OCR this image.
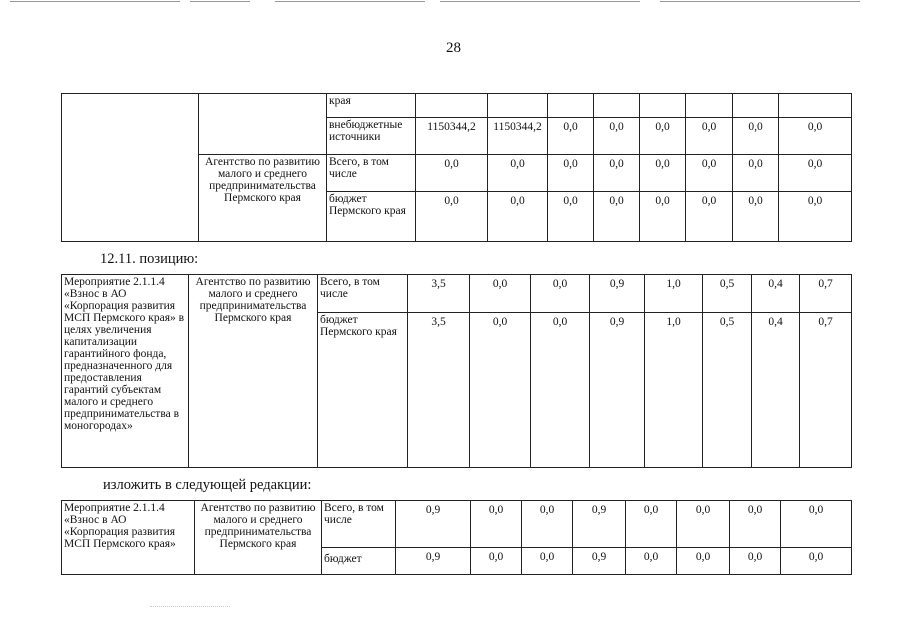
28
		края								
		внебюджетные источники	1150344,2	1150344,2	0,0	0,0	0,0	0,0	0,0	0,0
	Агентство по развитию малого и среднего предпринимательства Пермского края	Всего, в том числе	0,0	0,0	0,0	0,0	0,0	0,0	0,0	0,0
		бюджет Пермского края	0,0	0,0	0,0	0,0	0,0	0,0	0,0	0,0
12.11. позицию:
Мероприятие 2.1.1.4 «Взнос в АО «Корпорация развития МСП Пермского края» в целях увеличения капитализации гарантийного фонда, предназначенного для предоставления гарантий субъектам малого и среднего предпринимательства в моногородах»	Агентство по развитию малого и среднего предпринимательства Пермского края	Всего, в том числе	3,5	0,0	0,0	0,9	1,0	0,5	0,4	0,7
		бюджет Пермского края	3,5	0,0	0,0	0,9	1,0	0,5	0,4	0,7
изложить в следующей редакции:
Мероприятие 2.1.1.4 «Взнос в АО «Корпорация развития МСП Пермского края»	Агентство по развитию малого и среднего предпринимательства Пермского края	Всего, в том числе	0,9	0,0	0,0	0,9	0,0	0,0	0,0	0,0
		бюджет	0,9	0,0	0,0	0,9	0,0	0,0	0,0	0,0
